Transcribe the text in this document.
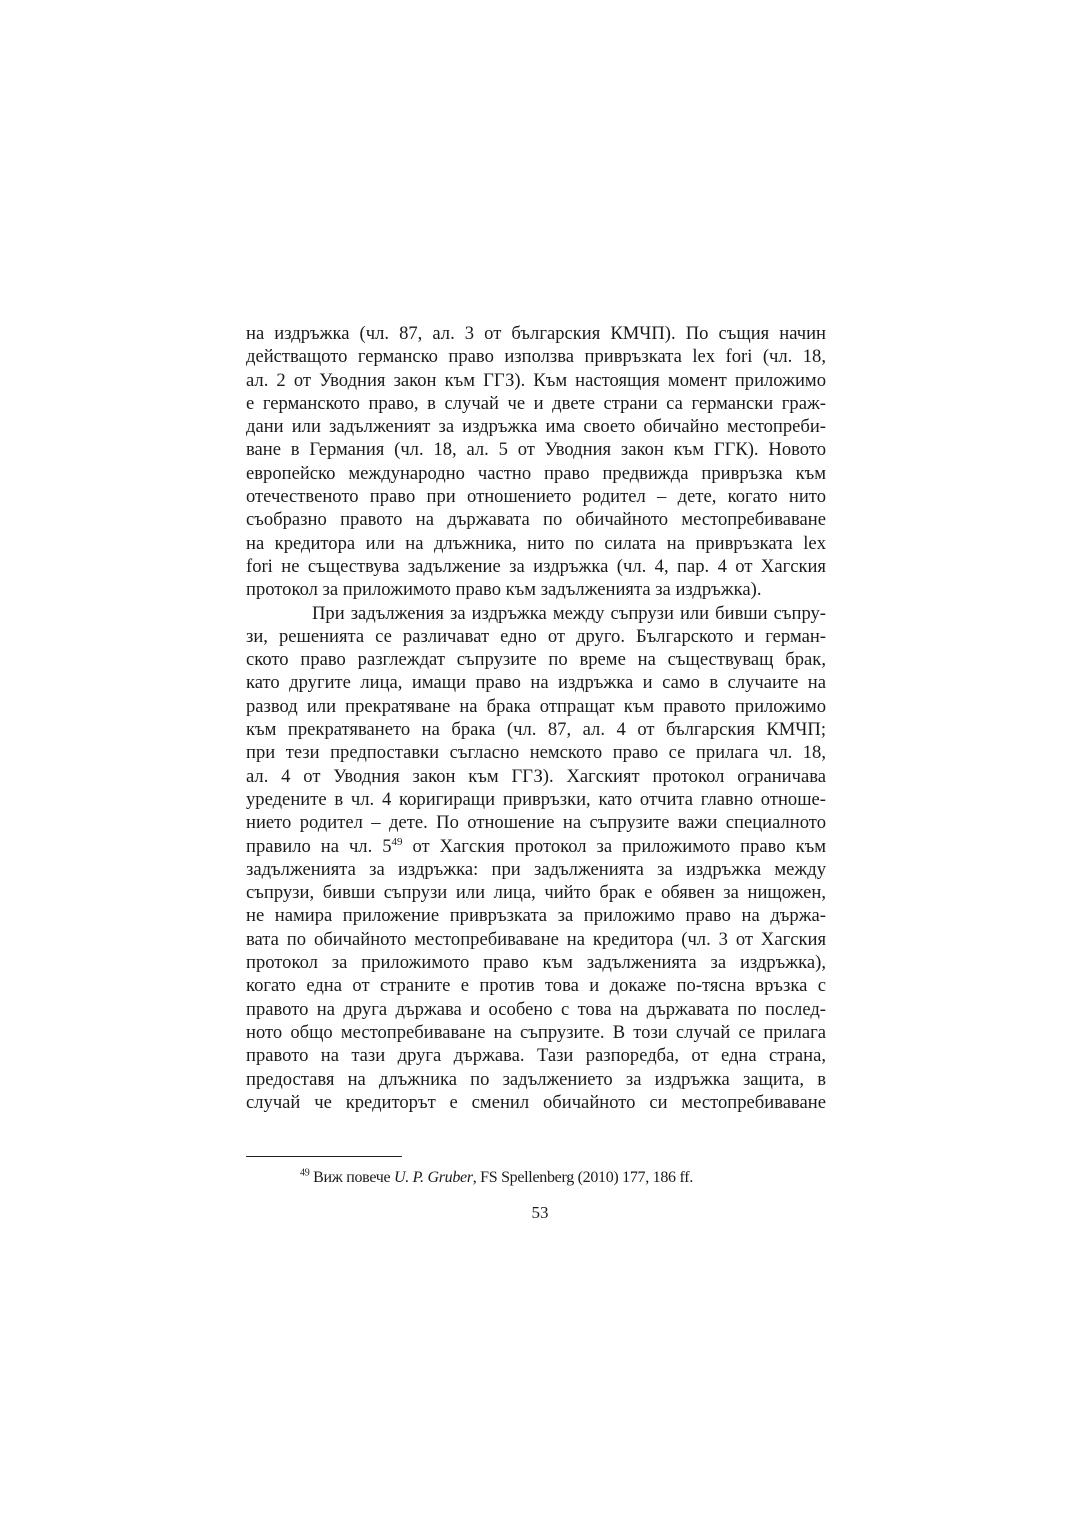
на издръжка (чл. 87, ал. 3 от българския КМЧП). По същия начин
действащото германско право използва привръзката lex fori (чл. 18,
ал. 2 от Уводния закон към ГГЗ). Към настоящия момент приложимо
е германското право, в случай че и двете страни са германски граж-
дани или задълженият за издръжка има своето обичайно местопреби-
ване в Германия (чл. 18, ал. 5 от Уводния закон към ГГК). Новото
европейско международно частно право предвижда привръзка към
отечественото право при отношението родител – дете, когато нито
съобразно правото на държавата по обичайното местопребиваване
на кредитора или на длъжника, нито по силата на привръзката lex
fori не съществува задължение за издръжка (чл. 4, пар. 4 от Хагския
протокол за приложимото право към задълженията за издръжка).
При задължения за издръжка между съпрузи или бивши съпру-
зи, решенията се различават едно от друго. Българското и герман-
ското право разглеждат съпрузите по време на съществуващ брак,
като другите лица, имащи право на издръжка и само в случаите на
развод или прекратяване на брака отпращат към правото приложимо
към прекратяването на брака (чл. 87, ал. 4 от българския КМЧП;
при тези предпоставки съгласно немското право се прилага чл. 18,
ал. 4 от Уводния закон към ГГЗ). Хагският протокол ограничава
уредените в чл. 4 коригиращи привръзки, като отчита главно отноше-
нието родител – дете. По отношение на съпрузите важи специалното
правило на чл. $5^{49}$ от Хагския протокол за приложимото право към
задълженията за издръжка: при задълженията за издръжка между
съпрузи, бивши съпрузи или лица, чийто брак е обявен за нищожен,
не намира приложение привръзката за приложимо право на държа-
вата по обичайното местопребиваване на кредитора (чл. 3 от Хагския
протокол за приложимото право към задълженията за издръжка),
когато една от страните е против това и докаже по-тясна връзка с
правото на друга държава и особено с това на държавата по послед-
ното общо местопребиваване на съпрузите. В този случай се прилага
правото на тази друга държава. Тази разпоредба, от една страна,
предоставя на длъжника по задължението за издръжка защита, в
случай че кредиторът е сменил обичайното си местопребиваване
$^{49}$ Виж повече U. P. Gruber, FS Spellenberg (2010) 177, 186 ff.
53
